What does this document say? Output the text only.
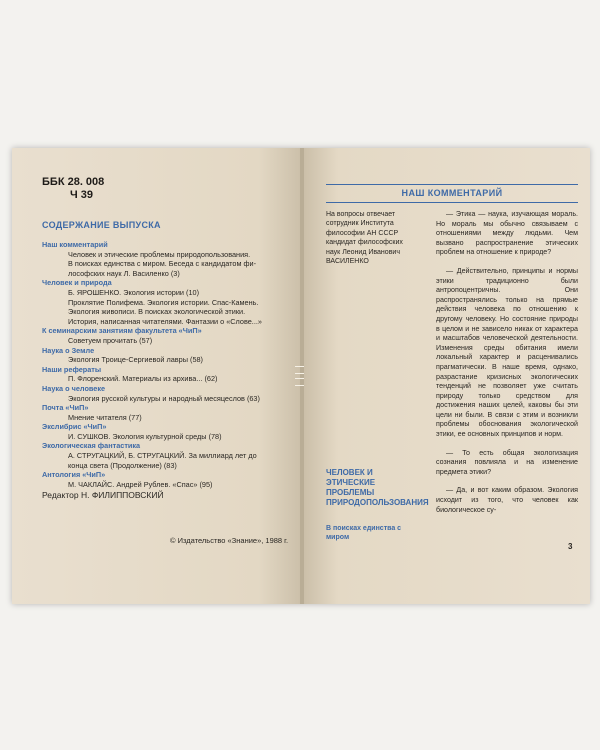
ББК 28. 008
Ч 39
СОДЕРЖАНИЕ ВЫПУСКА
Наш комментарий
Человек и этические проблемы природопользования.
В поисках единства с миром. Беседа с кандидатом фи-
лософских наук Л. Василенко (3)
Человек и природа
Б. ЯРОШЕНКО. Экология истории (10)
Проклятие Полифема. Экология истории. Спас-Камень.
Экология живописи. В поисках экологической этики.
История, написанная читателями. Фантазии о «Слове...»
К семинарским занятиям факультета «ЧиП»
Советуем прочитать (57)
Наука о Земле
Экология Троице-Сергиевой лавры (58)
Наши рефераты
П. Флоренский. Материалы из архива... (62)
Наука о человеке
Экология русской культуры и народный месяцеслов (63)
Почта «ЧиП»
Мнение читателя (77)
Экслибрис «ЧиП»
И. СУШКОВ. Экология культурной среды (78)
Экологическая фантастика
А. СТРУГАЦКИЙ, Б. СТРУГАЦКИЙ. За миллиард лет до
конца света (Продолжение) (83)
Антология «ЧиП»
М. ЧАКЛАЙС. Андрей Рублев. «Спас» (95)
Редактор Н. ФИЛИППОВСКИЙ
© Издательство «Знание», 1988 г.
НАШ КОММЕНТАРИЙ
На вопросы отвечает сотрудник Института философии АН СССР кандидат философских наук Леонид Иванович ВАСИЛЕНКО

— Этика — наука, изучающая мораль. Но мораль мы обычно связываем с отношениями между людьми. Чем вызвано распространение этических проблем на отношение к природе?

— Действительно, принципы и нормы этики традиционно были антропоцентричны. Они распространялись только на прямые действия человека по отношению к другому человеку. Но состояние природы в целом и не зависело никак от характера и масштабов человеческой деятельности. Изменения среды обитания имели локальный характер и расценивались прагматически. В наше время, однако, разрастание кризисных экологических тенденций не позволяет уже считать природу только средством для достижения наших целей, каковы бы эти цели ни были. В связи с этим и возникли проблемы обоснования экологической этики, ее основных принципов и норм.

— То есть общая экологизация сознания повлияла и на изменение предмета этики?

— Да, и вот каким образом. Экология исходит из того, что человек как биологическое су-

ЧЕЛОВЕК И ЭТИЧЕСКИЕ ПРОБЛЕМЫ ПРИРОДОПОЛЬЗОВАНИЯ
В поисках единства с миром
3
